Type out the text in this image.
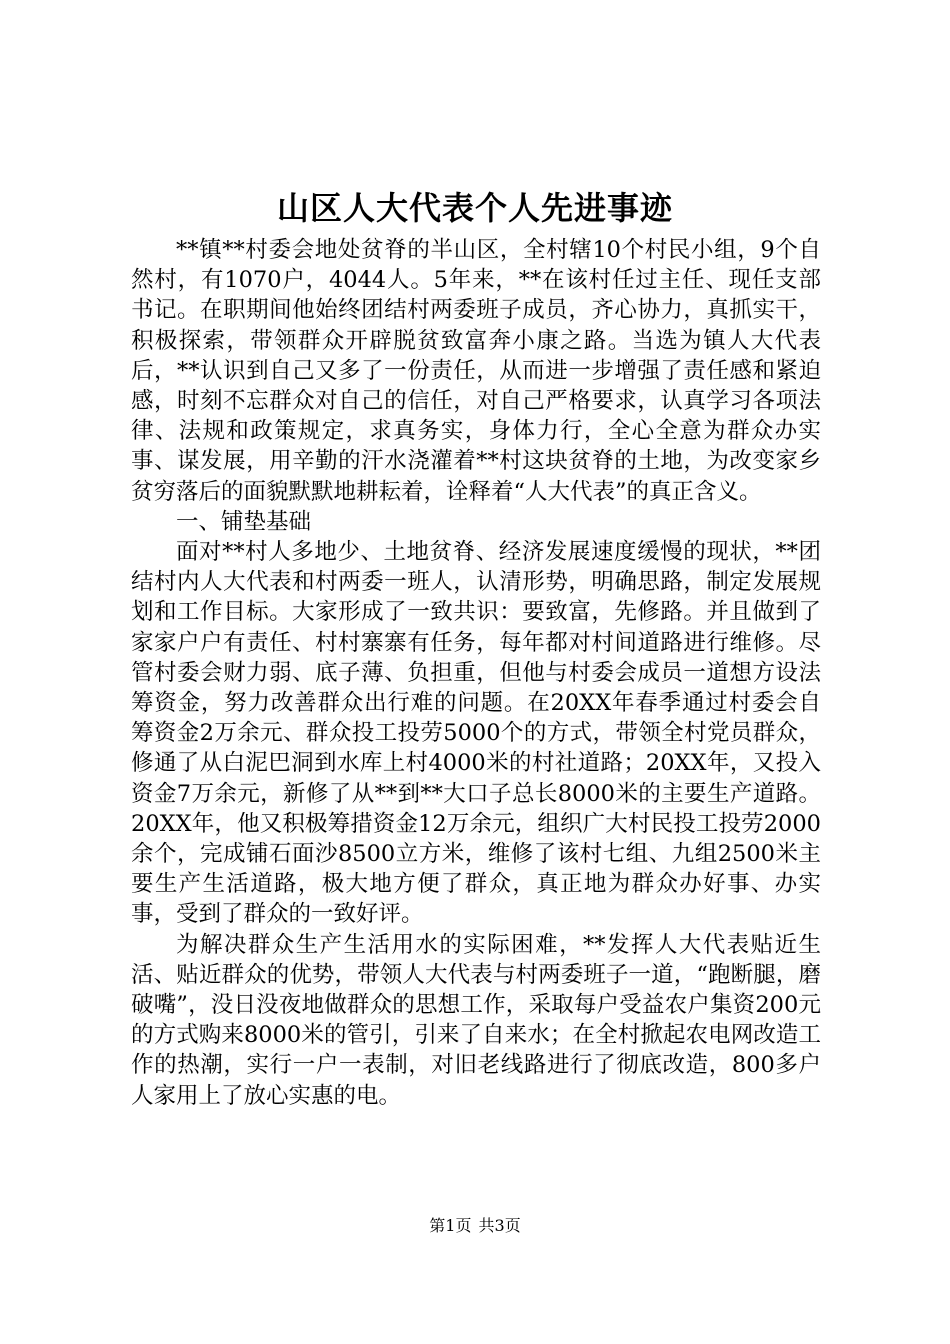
山区人大代表个人先进事迹

**镇**村委会地处贫脊的半山区，全村辖10个村民小组，9个自然村，有1070户，4044人。5年来，**在该村任过主任、现任支部书记。在职期间他始终团结村两委班子成员，齐心协力，真抓实干，积极探索，带领群众开辟脱贫致富奔小康之路。当选为镇人大代表后，**认识到自己又多了一份责任，从而进一步增强了责任感和紧迫感，时刻不忘群众对自己的信任，对自己严格要求，认真学习各项法律、法规和政策规定，求真务实，身体力行，全心全意为群众办实事、谋发展，用辛勤的汗水浇灌着**村这块贫脊的土地，为改变家乡贫穷落后的面貌默默地耕耘着，诠释着“人大代表”的真正含义。

一、铺垫基础

面对**村人多地少、土地贫脊、经济发展速度缓慢的现状，**团结村内人大代表和村两委一班人，认清形势，明确思路，制定发展规划和工作目标。大家形成了一致共识：要致富，先修路。并且做到了家家户户有责任、村村寨寨有任务，每年都对村间道路进行维修。尽管村委会财力弱、底子薄、负担重，但他与村委会成员一道想方设法筹资金，努力改善群众出行难的问题。在20XX年春季通过村委会自筹资金2万余元、群众投工投劳5000个的方式，带领全村党员群众，修通了从白泥巴洞到水库上村4000米的村社道路；20XX年，又投入资金7万余元，新修了从**到**大口子总长8000米的主要生产道路。20XX年，他又积极筹措资金12万余元，组织广大村民投工投劳2000余个，完成铺石面沙8500立方米，维修了该村七组、九组2500米主要生产生活道路，极大地方便了群众，真正地为群众办好事、办实事，受到了群众的一致好评。

为解决群众生产生活用水的实际困难，**发挥人大代表贴近生活、贴近群众的优势，带领人大代表与村两委班子一道，“跑断腿，磨破嘴”，没日没夜地做群众的思想工作，采取每户受益农户集资200元的方式购来8000米的管引，引来了自来水；在全村掀起农电网改造工作的热潮，实行一户一表制，对旧老线路进行了彻底改造，800多户人家用上了放心实惠的电。

第1页 共3页
